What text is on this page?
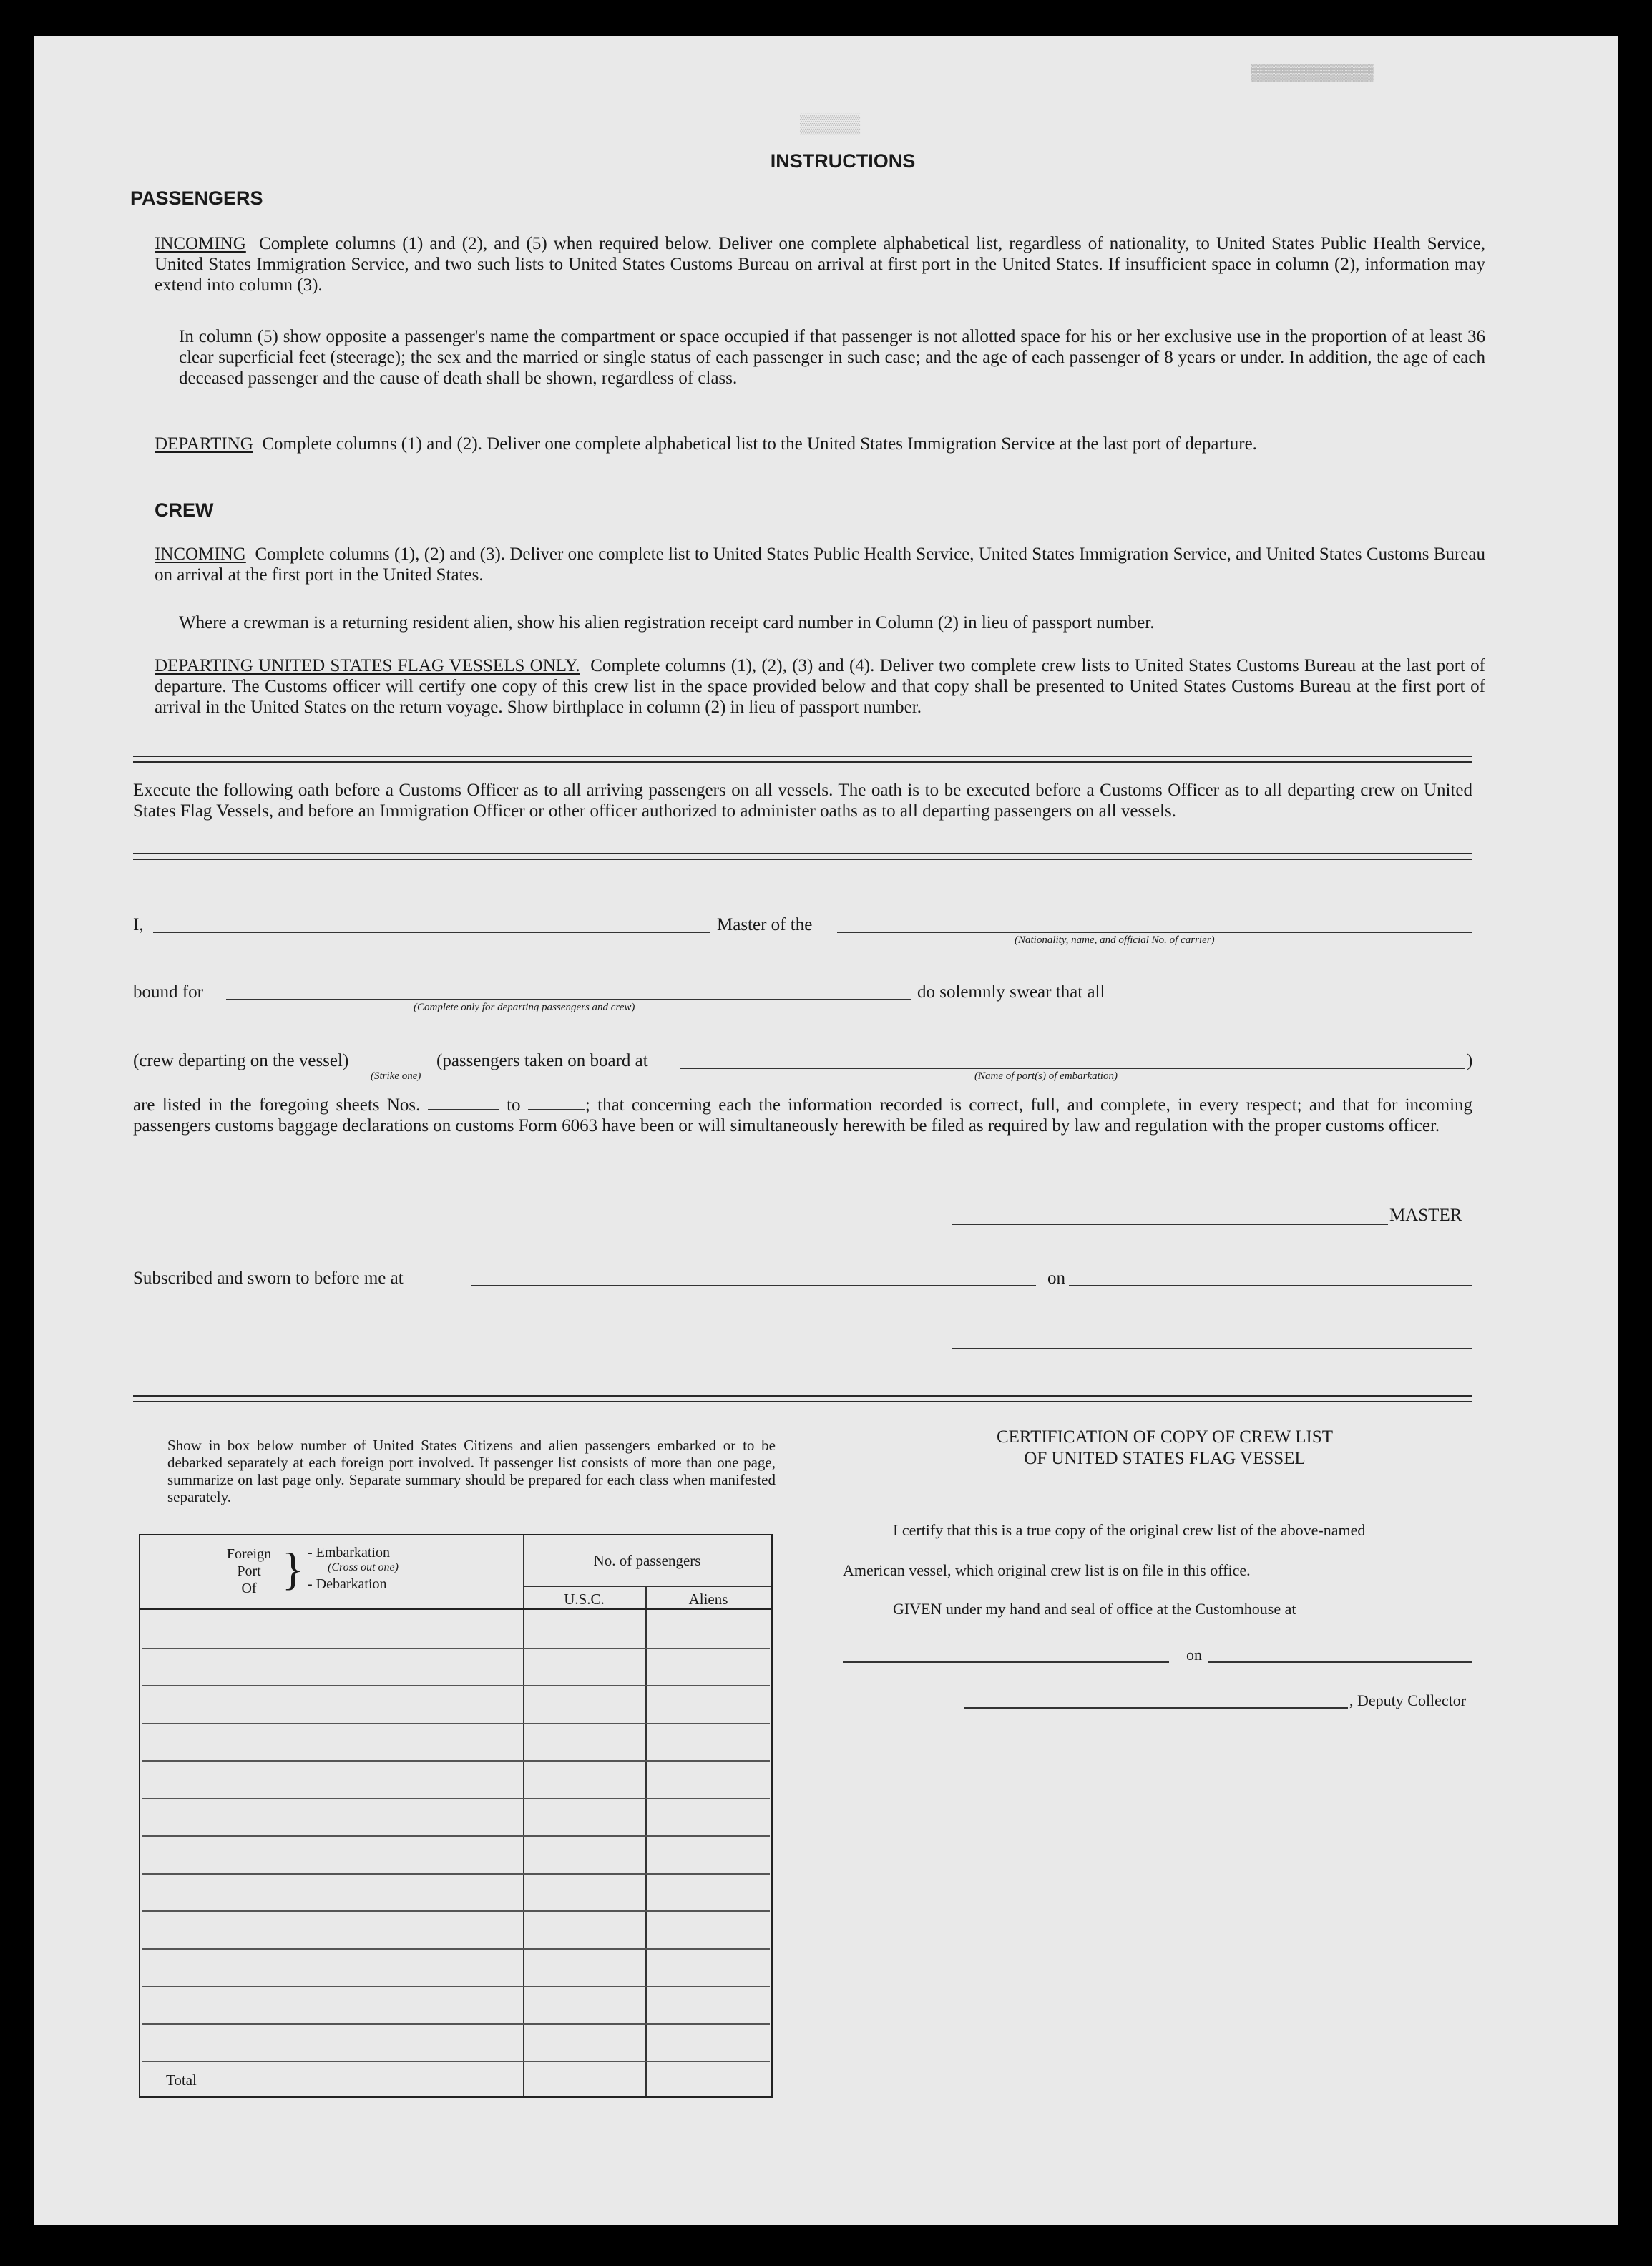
▓▓▓▓▓▓▓▓▓▓▓▓▓
▒▒▒▒▒
INSTRUCTIONS
PASSENGERS
INCOMING Complete columns (1) and (2), and (5) when required below. Deliver one complete alphabetical list, regardless of nationality, to United States Public Health Service, United States Immigration Service, and two such lists to United States Customs Bureau on arrival at first port in the United States. If insufficient space in column (2), information may extend into column (3).
In column (5) show opposite a passenger's name the compartment or space occupied if that passenger is not allotted space for his or her exclusive use in the proportion of at least 36 clear superficial feet (steerage); the sex and the married or single status of each passenger in such case; and the age of each passenger of 8 years or under. In addition, the age of each deceased passenger and the cause of death shall be shown, regardless of class.
DEPARTING Complete columns (1) and (2). Deliver one complete alphabetical list to the United States Immigration Service at the last port of departure.
CREW
INCOMING Complete columns (1), (2) and (3). Deliver one complete list to United States Public Health Service, United States Immigration Service, and United States Customs Bureau on arrival at the first port in the United States.
Where a crewman is a returning resident alien, show his alien registration receipt card number in Column (2) in lieu of passport number.
DEPARTING UNITED STATES FLAG VESSELS ONLY. Complete columns (1), (2), (3) and (4). Deliver two complete crew lists to United States Customs Bureau at the last port of departure. The Customs officer will certify one copy of this crew list in the space provided below and that copy shall be presented to United States Customs Bureau at the first port of arrival in the United States on the return voyage. Show birthplace in column (2) in lieu of passport number.
Execute the following oath before a Customs Officer as to all arriving passengers on all vessels. The oath is to be executed before a Customs Officer as to all departing crew on United States Flag Vessels, and before an Immigration Officer or other officer authorized to administer oaths as to all departing passengers on all vessels.
I,	Master of the
(Nationality, name, and official No. of carrier)
bound for
(Complete only for departing passengers and crew)
do solemnly swear that all
(crew departing on the vessel)
(Strike one)
(passengers taken on board at	)
(Name of port(s) of embarkation)
are listed in the foregoing sheets Nos.	to	; that concerning each the information recorded is correct, full, and complete, in every respect; and that for incoming passengers customs baggage declarations on customs Form 6063 have been or will simultaneously herewith be filed as required by law and regulation with the proper customs officer.
MASTER
Subscribed and sworn to before me at	on
Show in box below number of United States Citizens and alien passengers embarked or to be debarked separately at each foreign port involved. If passenger list consists of more than one page, summarize on last page only. Separate summary should be prepared for each class when manifested separately.
Foreign
Port
Of } - Embarkation
(Cross out one)
- Debarkation
No. of passengers
U.S.C.	Aliens
Total
CERTIFICATION OF COPY OF CREW LIST
OF UNITED STATES FLAG VESSEL
I certify that this is a true copy of the original crew list of the above-named
American vessel, which original crew list is on file in this office.
GIVEN under my hand and seal of office at the Customhouse at
on
, Deputy Collector
